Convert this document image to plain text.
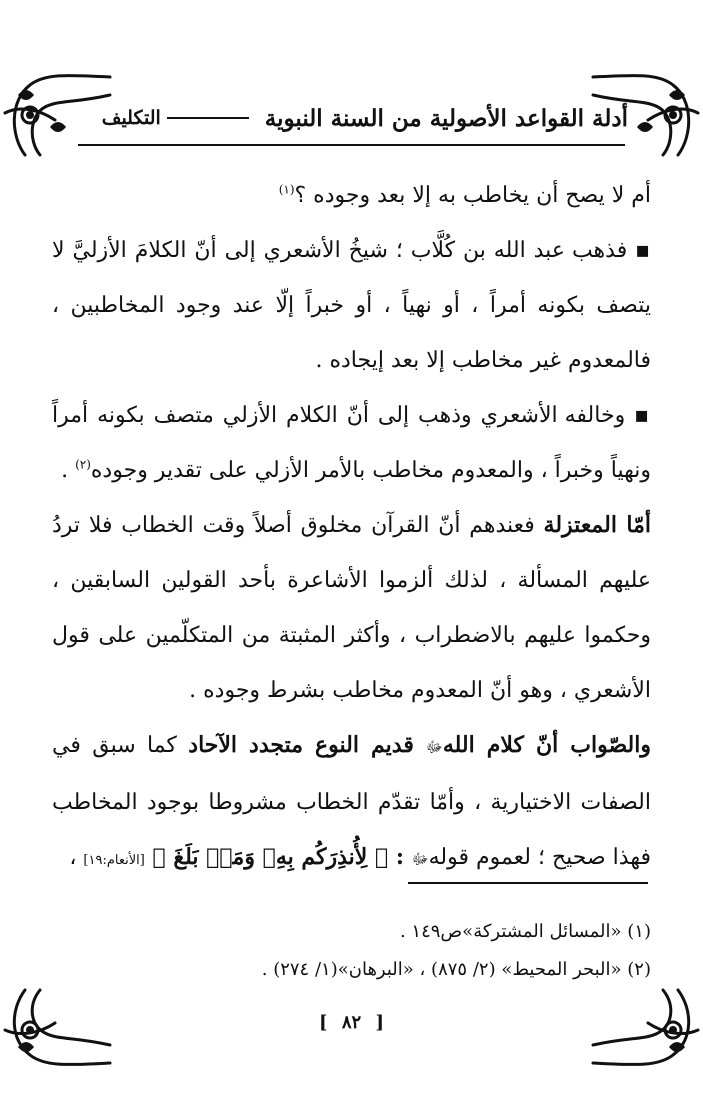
أدلة القواعد الأصولية من السنة النبوية
التكليف

أم لا يصح أن يخاطب به إلا بعد وجوده ؟$^{(١)}$

▪ فذهب عبد الله بن كُلَّاب ؛ شيخُ الأشعري إلى أنّ الكلامَ الأزليَّ لا يتصف بكونه أمراً ، أو نهياً ، أو خبراً إلّا عند وجود المخاطبين ، فالمعدوم غير مخاطب إلا بعد إيجاده .

▪ وخالفه الأشعري وذهب إلى أنّ الكلام الأزلي متصف بكونه أمراً ونهياً وخبراً ، والمعدوم مخاطب بالأمر الأزلي على تقدير وجوده$^{(٢)}$ .

أمّا المعتزلة فعندهم أنّ القرآن مخلوق أصلاً وقت الخطاب فلا تردُ عليهم المسألة ، لذلك ألزموا الأشاعرة بأحد القولين السابقين ، وحكموا عليهم بالاضطراب ، وأكثر المثبتة من المتكلّمين على قول الأشعري ، وهو أنّ المعدوم مخاطب بشرط وجوده .

والصّواب أنّ كلام اللهﷻ قديم النوع متجدد الآحاد كما سبق في الصفات الاختيارية ، وأمّا تقدّم الخطاب مشروطا بوجود المخاطب فهذا صحيح ؛ لعموم قولهﷻ : ﴿ لِأُنذِرَكُم بِهِۦ وَمَنۢ بَلَغَ ﴾ [الأنعام:١٩] ،

(١) «المسائل المشتركة»ص١٤٩ .

(٢) «البحر المحيط» (٢/ ٨٧٥) ، «البرهان»(١/ ٢٧٤) .

[ ٨٢ ]
